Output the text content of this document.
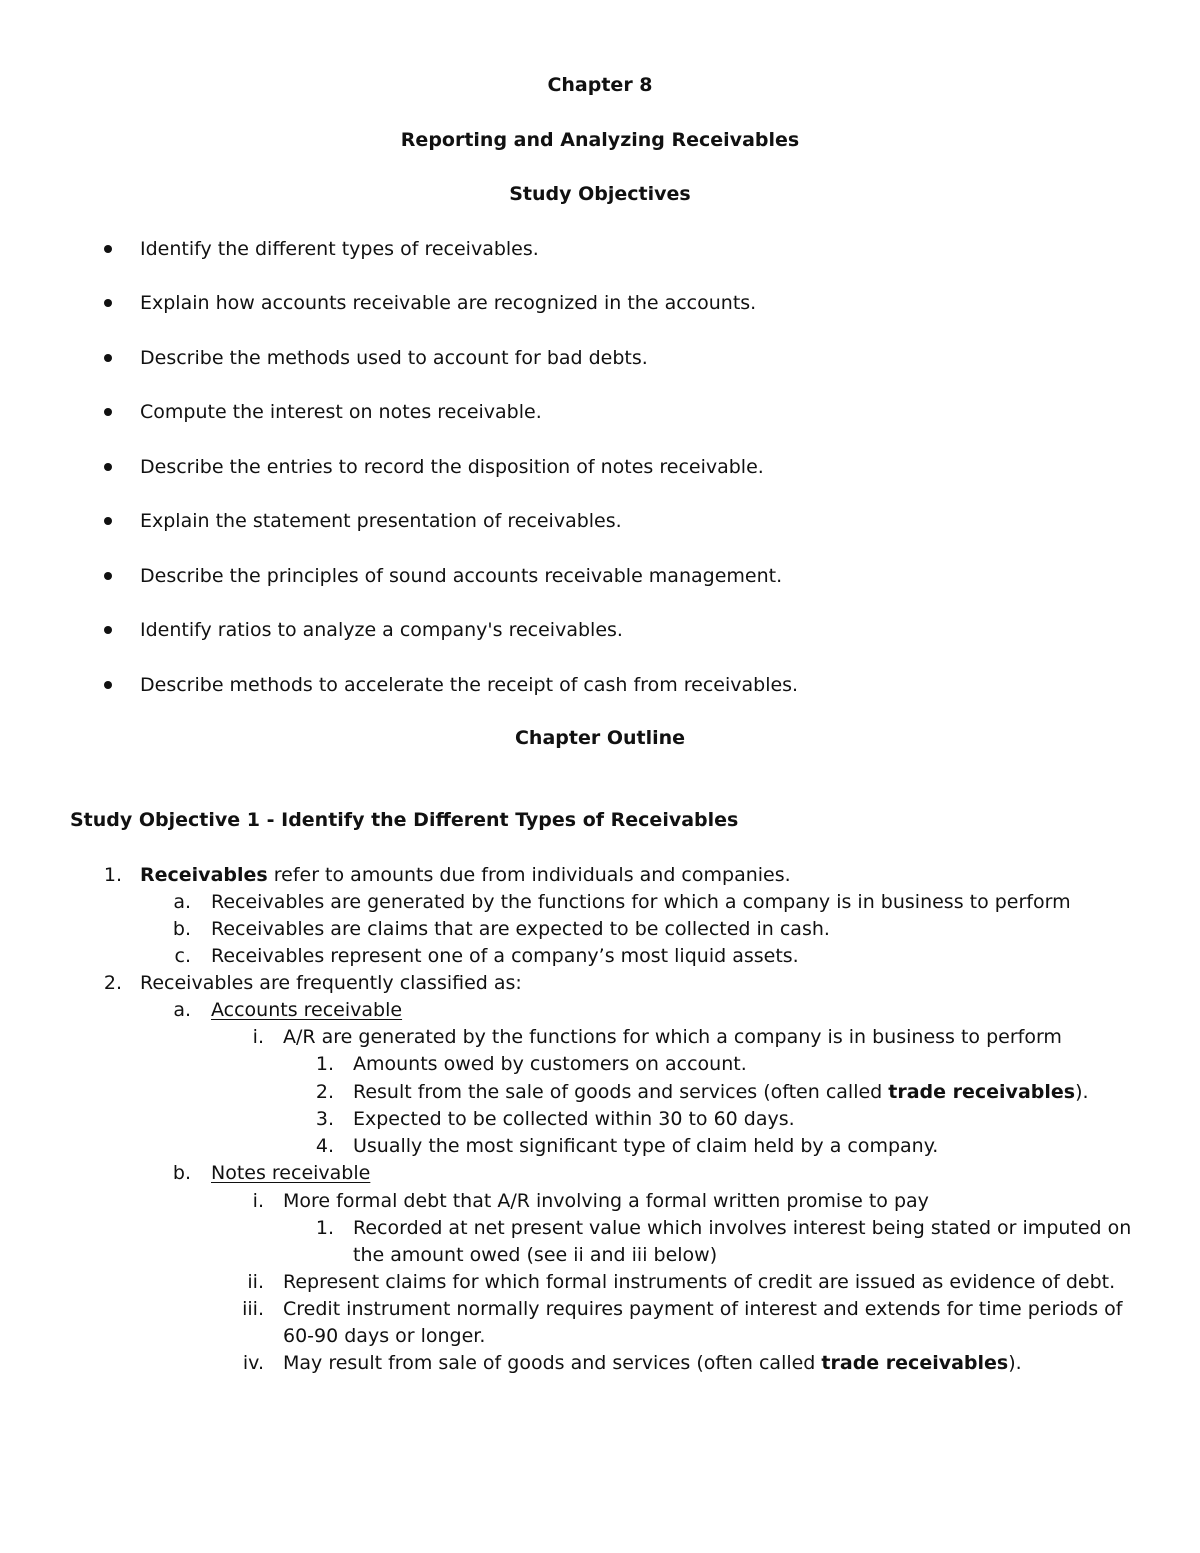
Chapter 8
Reporting and Analyzing Receivables
Study Objectives
Identify the different types of receivables.
Explain how accounts receivable are recognized in the accounts.
Describe the methods used to account for bad debts.
Compute the interest on notes receivable.
Describe the entries to record the disposition of notes receivable.
Explain the statement presentation of receivables.
Describe the principles of sound accounts receivable management.
Identify ratios to analyze a company's receivables.
Describe methods to accelerate the receipt of cash from receivables.
Chapter Outline
Study Objective 1 - Identify the Different Types of Receivables
1. Receivables refer to amounts due from individuals and companies.
a. Receivables are generated by the functions for which a company is in business to perform
b. Receivables are claims that are expected to be collected in cash.
c. Receivables represent one of a company’s most liquid assets.
2. Receivables are frequently classified as:
a. Accounts receivable
i. A/R are generated by the functions for which a company is in business to perform
1. Amounts owed by customers on account.
2. Result from the sale of goods and services (often called trade receivables).
3. Expected to be collected within 30 to 60 days.
4. Usually the most significant type of claim held by a company.
b. Notes receivable
i. More formal debt that A/R involving a formal written promise to pay
1. Recorded at net present value which involves interest being stated or imputed on
the amount owed (see ii and iii below)
ii. Represent claims for which formal instruments of credit are issued as evidence of debt.
iii. Credit instrument normally requires payment of interest and extends for time periods of
60-90 days or longer.
iv. May result from sale of goods and services (often called trade receivables).
